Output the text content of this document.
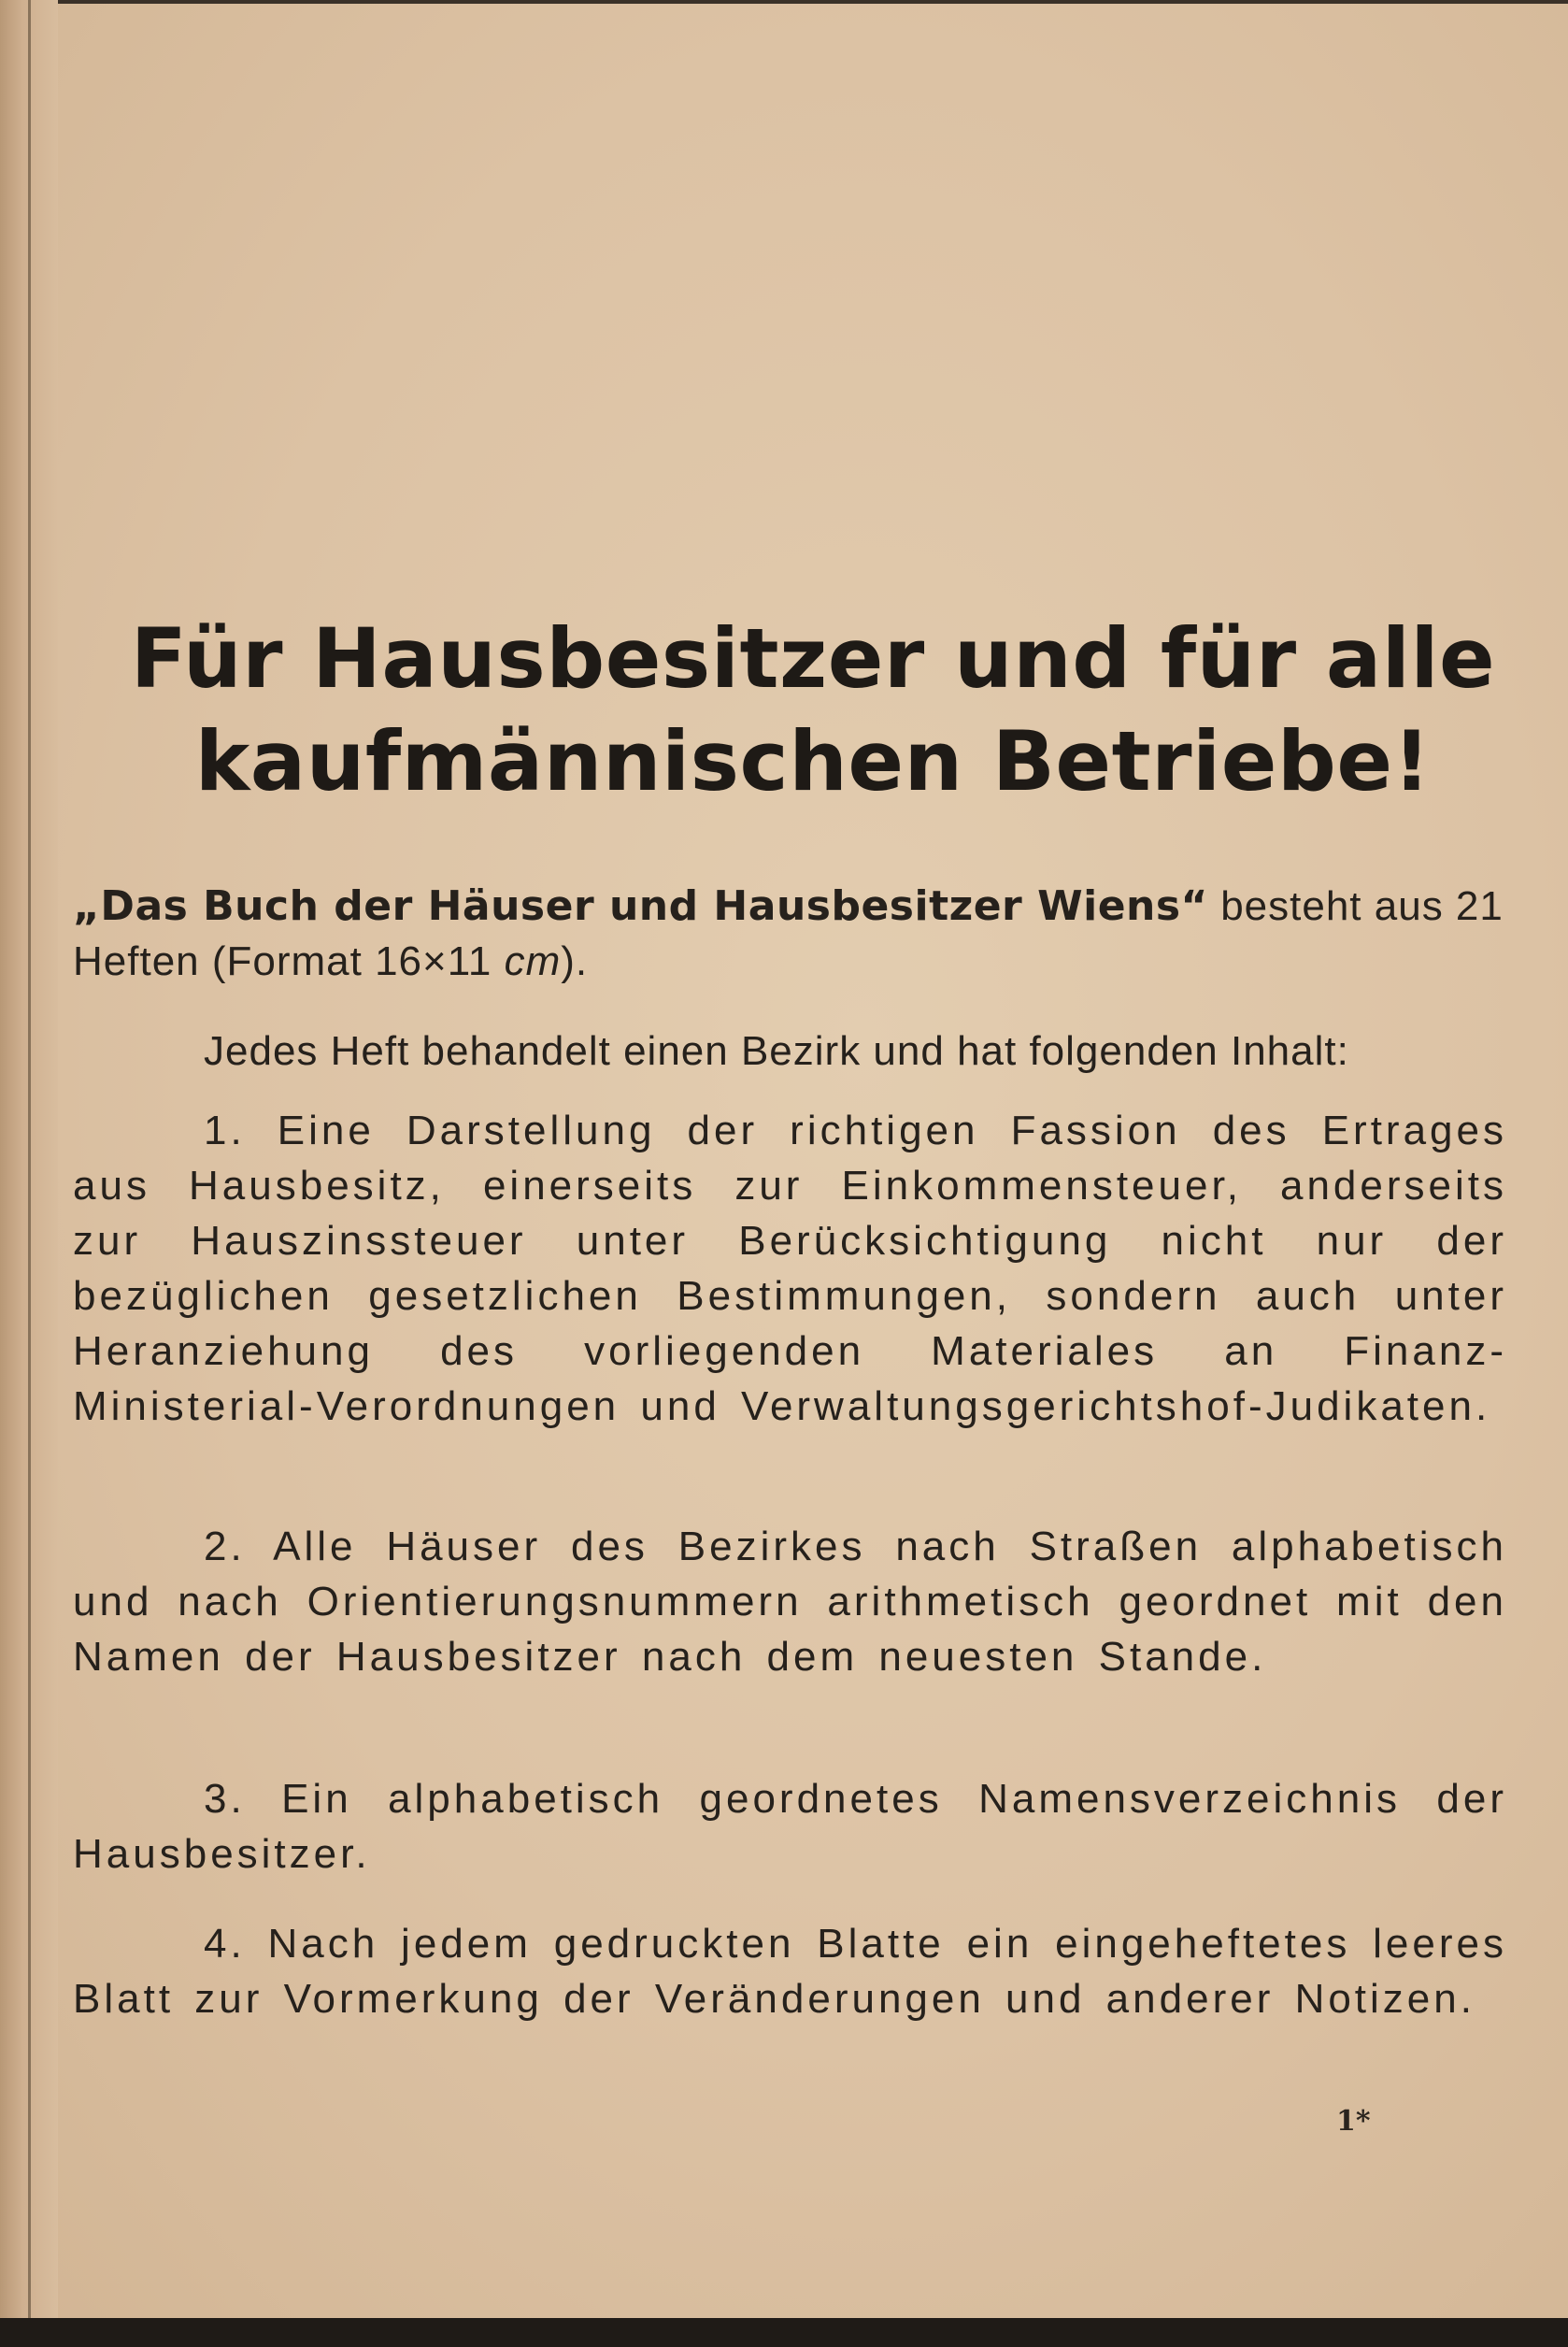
Für Hausbesitzer und für alle
kaufmännischen Betriebe!

„Das Buch der Häuser und Hausbesitzer Wiens“ besteht aus 21 Heften (Format 16×11 cm).

Jedes Heft behandelt einen Bezirk und hat folgenden Inhalt:

1. Eine Darstellung der richtigen Fassion des Ertrages aus Hausbesitz, einerseits zur Einkommensteuer, anderseits zur Hauszinssteuer unter Berücksichtigung nicht nur der bezüglichen gesetzlichen Bestimmungen, sondern auch unter Heranziehung des vorliegenden Materiales an Finanz-Ministerial-Verordnungen und Verwaltungsgerichtshof-Judikaten.

2. Alle Häuser des Bezirkes nach Straßen alphabetisch und nach Orientierungsnummern arithmetisch geordnet mit den Namen der Hausbesitzer nach dem neuesten Stande.

3. Ein alphabetisch geordnetes Namensverzeichnis der Hausbesitzer.

4. Nach jedem gedruckten Blatte ein eingeheftetes leeres Blatt zur Vormerkung der Veränderungen und anderer Notizen.

1*
